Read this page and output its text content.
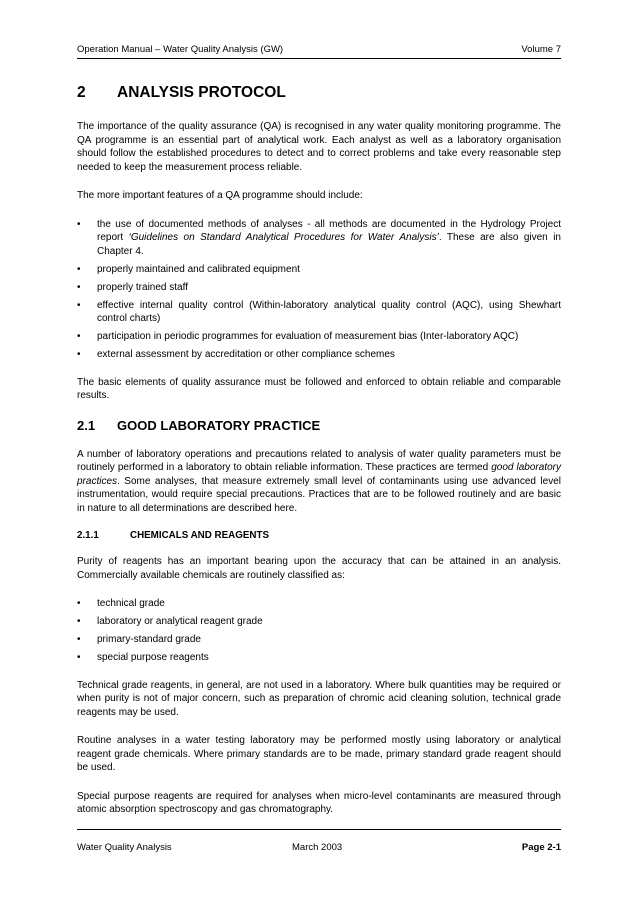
Operation Manual – Water Quality Analysis (GW)	Volume 7
2 ANALYSIS PROTOCOL

The importance of the quality assurance (QA) is recognised in any water quality monitoring programme. The QA programme is an essential part of analytical work. Each analyst as well as a laboratory organisation should follow the established procedures to detect and to correct problems and take every reasonable step needed to keep the measurement process reliable.

The more important features of a QA programme should include:

• the use of documented methods of analyses - all methods are documented in the Hydrology Project report ‘Guidelines on Standard Analytical Procedures for Water Analysis’. These are also given in Chapter 4.
• properly maintained and calibrated equipment
• properly trained staff
• effective internal quality control (Within-laboratory analytical quality control (AQC), using Shewhart control charts)
• participation in periodic programmes for evaluation of measurement bias (Inter-laboratory AQC)
• external assessment by accreditation or other compliance schemes

The basic elements of quality assurance must be followed and enforced to obtain reliable and comparable results.

2.1 GOOD LABORATORY PRACTICE

A number of laboratory operations and precautions related to analysis of water quality parameters must be routinely performed in a laboratory to obtain reliable information. These practices are termed good laboratory practices. Some analyses, that measure extremely small level of contaminants using use advanced level instrumentation, would require special precautions. Practices that are to be followed routinely and are basic in nature to all determinations are described here.

2.1.1	CHEMICALS AND REAGENTS

Purity of reagents has an important bearing upon the accuracy that can be attained in an analysis. Commercially available chemicals are routinely classified as:

• technical grade
• laboratory or analytical reagent grade
• primary-standard grade
• special purpose reagents

Technical grade reagents, in general, are not used in a laboratory. Where bulk quantities may be required or when purity is not of major concern, such as preparation of chromic acid cleaning solution, technical grade reagents may be used.

Routine analyses in a water testing laboratory may be performed mostly using laboratory or analytical reagent grade chemicals. Where primary standards are to be made, primary standard grade reagent should be used.

Special purpose reagents are required for analyses when micro-level contaminants are measured through atomic absorption spectroscopy and gas chromatography.

Water Quality Analysis	March 2003	Page 2-1
